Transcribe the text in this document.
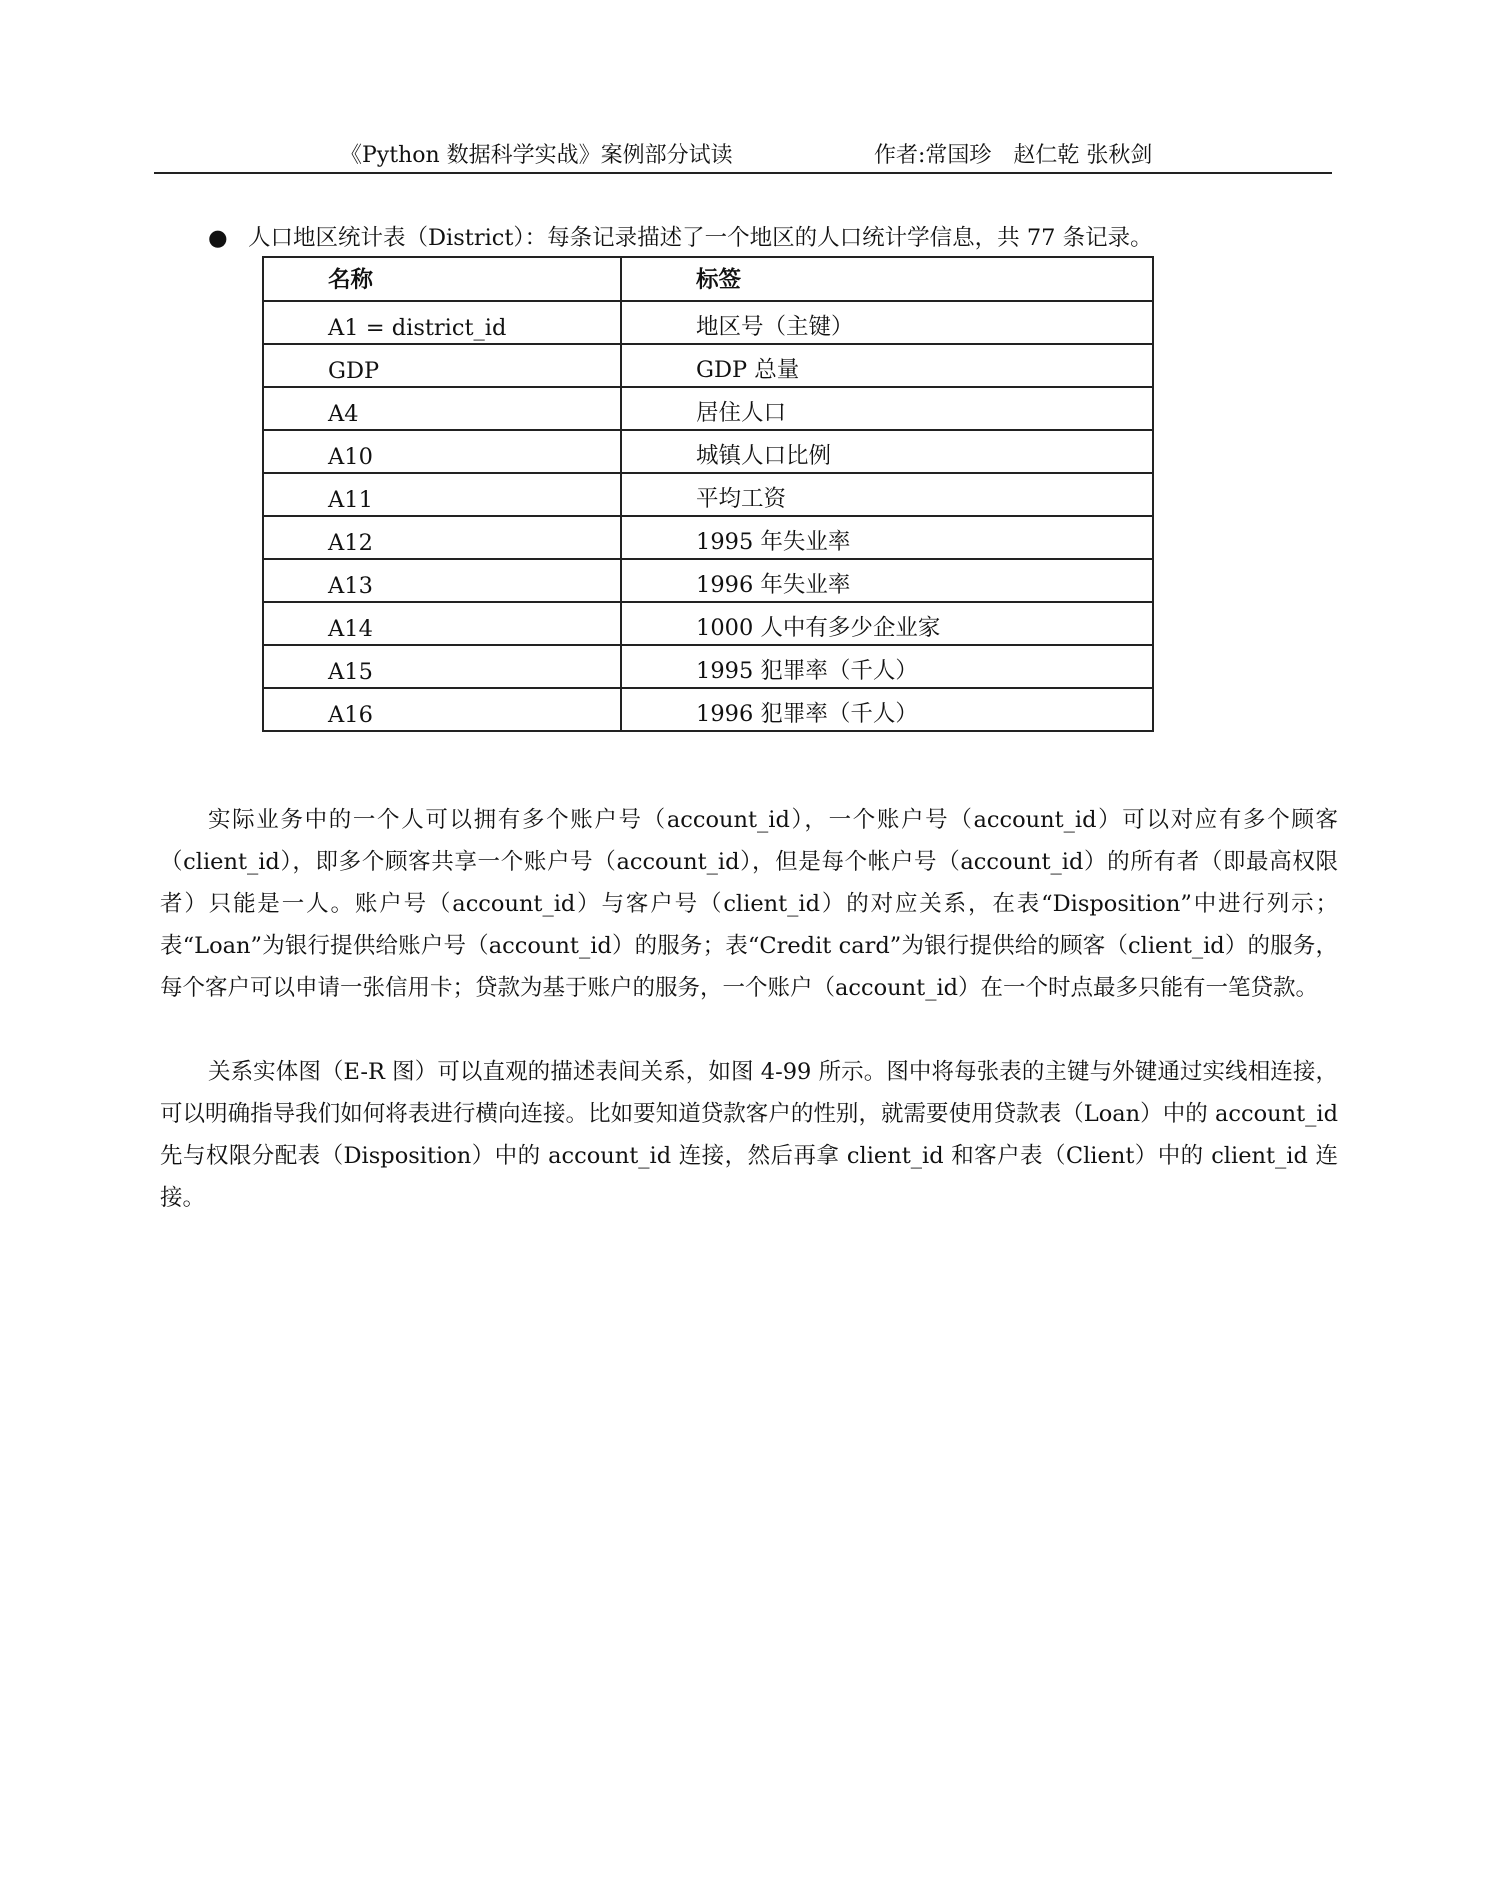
《Python 数据科学实战》案例部分试读	作者:常国珍　赵仁乾 张秋剑
● 人口地区统计表（District）：每条记录描述了一个地区的人口统计学信息，共 77 条记录。
名称	标签
A1 = district_id	地区号（主键）
GDP	GDP 总量
A4	居住人口
A10	城镇人口比例
A11	平均工资
A12	1995 年失业率
A13	1996 年失业率
A14	1000 人中有多少企业家
A15	1995 犯罪率（千人）
A16	1996 犯罪率（千人）

实际业务中的一个人可以拥有多个账户号（account_id），一个账户号（account_id）可以对应有多个顾客（client_id），即多个顾客共享一个账户号（account_id），但是每个帐户号（account_id）的所有者（即最高权限者）只能是一人。账户号（account_id）与客户号（client_id）的对应关系，在表“Disposition”中进行列示；表“Loan”为银行提供给账户号（account_id）的服务；表“Credit card”为银行提供给的顾客（client_id）的服务，每个客户可以申请一张信用卡；贷款为基于账户的服务，一个账户（account_id）在一个时点最多只能有一笔贷款。

关系实体图（E-R 图）可以直观的描述表间关系，如图 4-99 所示。图中将每张表的主键与外键通过实线相连接，可以明确指导我们如何将表进行横向连接。比如要知道贷款客户的性别，就需要使用贷款表（Loan）中的 account_id 先与权限分配表（Disposition）中的 account_id 连接，然后再拿 client_id 和客户表（Client）中的 client_id 连接。
